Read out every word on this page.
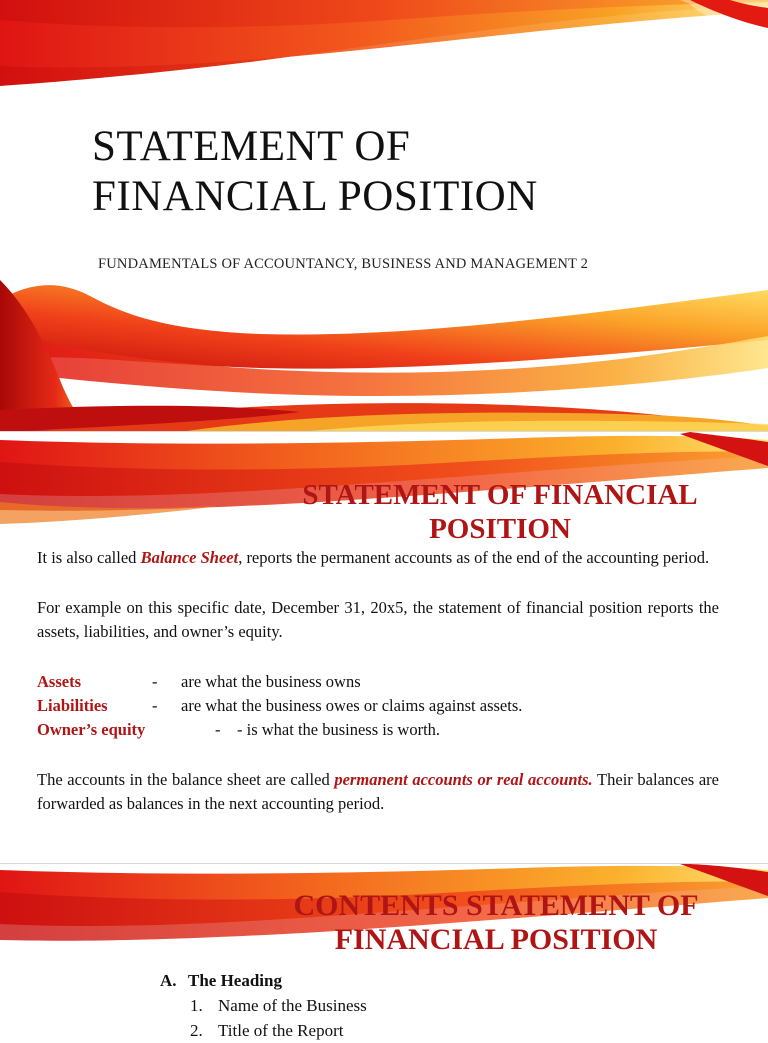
STATEMENT OF
FINANCIAL POSITION

FUNDAMENTALS OF ACCOUNTANCY, BUSINESS AND MANAGEMENT 2

STATEMENT OF FINANCIAL
POSITION

It is also called Balance Sheet, reports the permanent accounts as of the end of the accounting period.

For example on this specific date, December 31, 20x5, the statement of financial position reports the assets, liabilities, and owner’s equity.

Assets	- are what the business owns
Liabilities	- are what the business owes or claims against assets.
Owner’s equity	- - is what the business is worth.

The accounts in the balance sheet are called permanent accounts or real accounts. Their balances are forwarded as balances in the next accounting period.

CONTENTS STATEMENT OF
FINANCIAL POSITION
A. The Heading
1. Name of the Business
2. Title of the Report
